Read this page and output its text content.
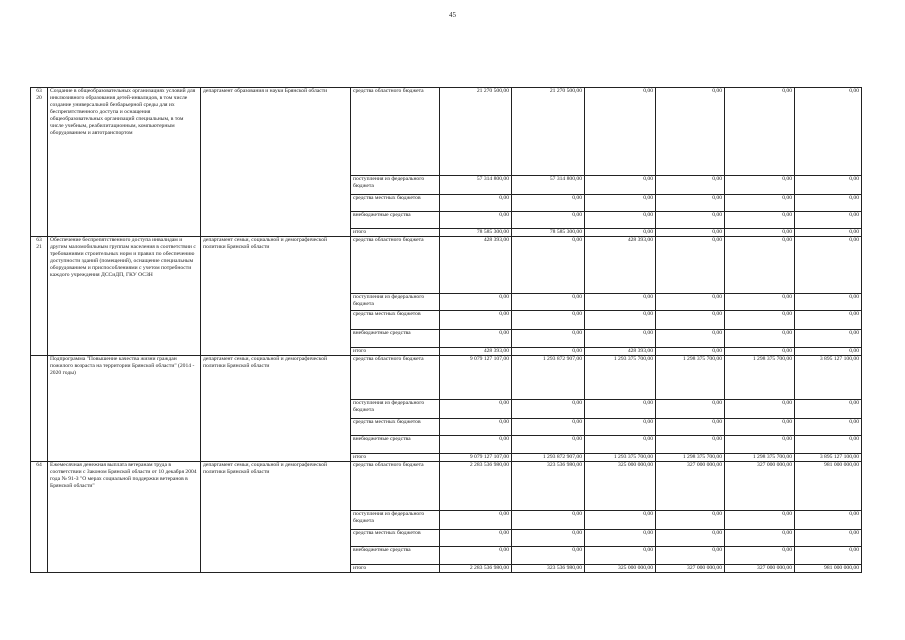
45
63 20	Создание в общеобразовательных организациях условий для инклюзивного образования детей-инвалидов, в том числе создание универсальной безбарьерной среды для их беспрепятственного доступа и оснащения общеобразовательных организаций специальным, в том числе учебным, реабилитационным, компьютерным оборудованием и автотранспортом	департамент образования и науки Брянской области	средства областного бюджета	21 270 500,00	21 270 500,00	0,00	0,00	0,00	0,00
			поступления из федерального бюджета	57 314 800,00	57 314 800,00	0,00	0,00	0,00	0,00
			средства местных бюджетов	0,00	0,00	0,00	0,00	0,00	0,00
			внебюджетные средства	0,00	0,00	0,00	0,00	0,00	0,00
			итого	78 585 300,00	78 585 300,00	0,00	0,00	0,00	0,00
63 21	Обеспечение беспрепятственного доступа инвалидам и другим маломобильным группам населения в соответствии с требованиями строительных норм и правил по обеспечению доступности зданий (помещений), оснащение специальным оборудованием и приспособлениями с учетом потребности каждого учреждения ДССиДП, ГКУ ОСЗН	департамент семьи, социальной и демографической политики Брянской области	средства областного бюджета	428 393,00	0,00	428 393,00	0,00	0,00	0,00
			поступления из федерального бюджета	0,00	0,00	0,00	0,00	0,00	0,00
			средства местных бюджетов	0,00	0,00	0,00	0,00	0,00	0,00
			внебюджетные средства	0,00	0,00	0,00	0,00	0,00	0,00
			итого	428 393,00	0,00	428 393,00	0,00	0,00	0,00
	Подпрограмма "Повышение качества жизни граждан пожилого возраста на территории Брянской области" (2014 - 2020 годы)	департамент семьи, социальной и демографической политики Брянской области	средства областного бюджета	9 079 127 107,00	1 293 872 907,00	1 293 375 700,00	1 298 375 700,00	1 298 375 700,00	3 895 127 100,00
			поступления из федерального бюджета	0,00	0,00	0,00	0,00	0,00	0,00
			средства местных бюджетов	0,00	0,00	0,00	0,00	0,00	0,00
			внебюджетные средства	0,00	0,00	0,00	0,00	0,00	0,00
			итого	9 079 127 107,00	1 293 872 907,00	1 293 375 700,00	1 298 375 700,00	1 298 375 700,00	3 895 127 100,00
64	Ежемесячная денежная выплата ветеранам труда в соответствии с Законом Брянской области от 10 декабря 2004 года № 91-З "О мерах социальной поддержки ветеранов в Брянской области"	департамент семьи, социальной и демографической политики Брянской области	средства областного бюджета	2 283 536 980,00	323 536 980,00	325 000 000,00	327 000 000,00	327 000 000,00	981 000 000,00
			поступления из федерального бюджета	0,00	0,00	0,00	0,00	0,00	0,00
			средства местных бюджетов	0,00	0,00	0,00	0,00	0,00	0,00
			внебюджетные средства	0,00	0,00	0,00	0,00	0,00	0,00
			итого	2 283 536 980,00	323 536 980,00	325 000 000,00	327 000 000,00	327 000 000,00	981 000 000,00
